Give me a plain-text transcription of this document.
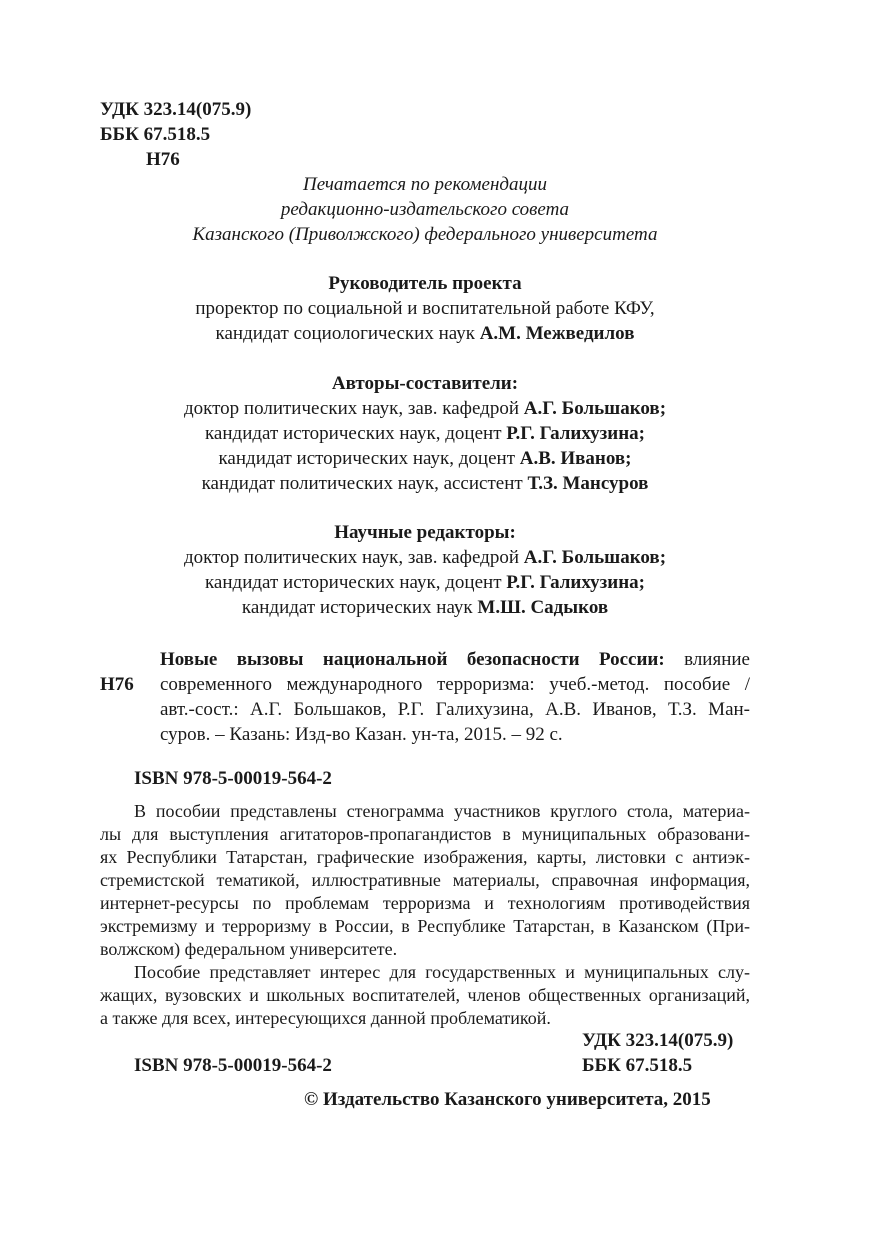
УДК 323.14(075.9)
ББК 67.518.5
Н76
Печатается по рекомендации
редакционно-издательского совета
Казанского (Приволжского) федерального университета
Руководитель проекта
проректор по социальной и воспитательной работе КФУ,
кандидат социологических наук А.М. Межведилов
Авторы-составители:
доктор политических наук, зав. кафедрой А.Г. Большаков;
кандидат исторических наук, доцент Р.Г. Галихузина;
кандидат исторических наук, доцент А.В. Иванов;
кандидат политических наук, ассистент Т.З. Мансуров
Научные редакторы:
доктор политических наук, зав. кафедрой А.Г. Большаков;
кандидат исторических наук, доцент Р.Г. Галихузина;
кандидат исторических наук М.Ш. Садыков
Н76
Новые вызовы национальной безопасности России: влияние
современного международного терроризма: учеб.-метод. пособие /
авт.-сост.: А.Г. Большаков, Р.Г. Галихузина, А.В. Иванов, Т.З. Ман-
суров. – Казань: Изд-во Казан. ун-та, 2015. – 92 с.
ISBN 978-5-00019-564-2
В пособии представлены стенограмма участников круглого стола, материа-
лы для выступления агитаторов-пропагандистов в муниципальных образовани-
ях Республики Татарстан, графические изображения, карты, листовки с антиэк-
стремистской тематикой, иллюстративные материалы, справочная информация,
интернет-ресурсы по проблемам терроризма и технологиям противодействия
экстремизму и терроризму в России, в Республике Татарстан, в Казанском (При-
волжском) федеральном университете.
Пособие представляет интерес для государственных и муниципальных слу-
жащих, вузовских и школьных воспитателей, членов общественных организаций,
а также для всех, интересующихся данной проблематикой.
УДК 323.14(075.9)
ISBN 978-5-00019-564-2	ББК 67.518.5
© Издательство Казанского университета, 2015
